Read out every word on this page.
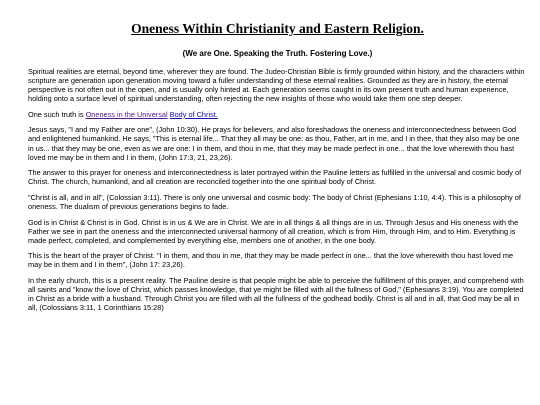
Oneness Within Christianity and Eastern Religion.
(We are One. Speaking the Truth. Fostering Love.)

Spiritual realities are eternal, beyond time, wherever they are found. The Judeo-Christian Bible is firmly grounded within history, and the characters within scripture are generation upon generation moving toward a fuller understanding of these eternal realities. Grounded as they are in history, the eternal perspective is not often out in the open, and is usually only hinted at. Each generation seems caught in its own present truth and human experience, holding onto a surface level of spiritual understanding, often rejecting the new insights of those who would take them one step deeper.

One such truth is Oneness in the Universal Body of Christ.

Jesus says, "I and my Father are one", (John 10:30). He prays for believers, and also foreshadows the oneness and interconnectedness between God and enlightened humankind. He says, "This is eternal life... That they all may be one: as thou, Father, art in me, and I in thee, that they also may be one in us... that they may be one, even as we are one: I in them, and thou in me, that they may be made perfect in one... that the love wherewith thou hast loved me may be in them and I in them, (John 17:3, 21, 23,26).

The answer to this prayer for oneness and interconnectedness is later portrayed within the Pauline letters as fulfilled in the universal and cosmic body of Christ. The church, humankind, and all creation are reconciled together into the one spiritual body of Christ.

"Christ is all, and in all", (Colossian 3:11). There is only one universal and cosmic body: The body of Christ (Ephesians 1:10, 4:4). This is a philosophy of oneness. The dualism of previous generations begins to fade.

God is in Christ & Christ is in God. Christ is in us & We are in Christ. We are in all things & all things are in us. Through Jesus and His oneness with the Father we see in part the oneness and the interconnected universal harmony of all creation, which is from Him, through Him, and to Him. Everything is made perfect, completed, and complemented by everything else, members one of another, in the one body.

This is the heart of the prayer of Christ. "I in them, and thou in me, that they may be made perfect in one... that the love wherewith thou hast loved me may be in them and I in them", (John 17: 23,26).

In the early church, this is a present reality. The Pauline desire is that people might be able to perceive the fulfillment of this prayer, and comprehend with all saints and "know the love of Christ, which passes knowledge, that ye might be filled with all the fullness of God," (Ephesians 3:19). You are completed in Christ as a bride with a husband. Through Christ you are filled with all the fullness of the godhead bodily. Christ is all and in all, that God may be all in all, (Colossians 3:11, 1 Corinthians 15:28)
